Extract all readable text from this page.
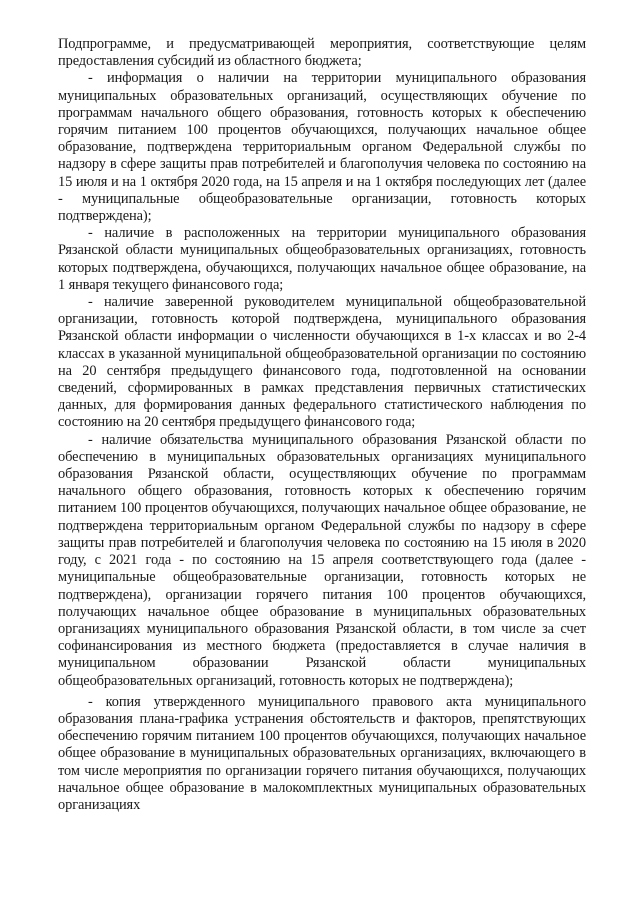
Подпрограмме, и предусматривающей мероприятия, соответствующие целям предоставления субсидий из областного бюджета;

- информация о наличии на территории муниципального образования муниципальных образовательных организаций, осуществляющих обучение по программам начального общего образования, готовность которых к обеспечению горячим питанием 100 процентов обучающихся, получающих начальное общее образование, подтверждена территориальным органом Федеральной службы по надзору в сфере защиты прав потребителей и благополучия человека по состоянию на 15 июля и на 1 октября 2020 года, на 15 апреля и на 1 октября последующих лет (далее - муниципальные общеобразовательные организации, готовность которых подтверждена);

- наличие в расположенных на территории муниципального образования Рязанской области муниципальных общеобразовательных организациях, готовность которых подтверждена, обучающихся, получающих начальное общее образование, на 1 января текущего финансового года;

- наличие заверенной руководителем муниципальной общеобразовательной организации, готовность которой подтверждена, муниципального образования Рязанской области информации о численности обучающихся в 1-х классах и во 2-4 классах в указанной муниципальной общеобразовательной организации по состоянию на 20 сентября предыдущего финансового года, подготовленной на основании сведений, сформированных в рамках представления первичных статистических данных, для формирования данных федерального статистического наблюдения по состоянию на 20 сентября предыдущего финансового года;

- наличие обязательства муниципального образования Рязанской области по обеспечению в муниципальных образовательных организациях муниципального образования Рязанской области, осуществляющих обучение по программам начального общего образования, готовность которых к обеспечению горячим питанием 100 процентов обучающихся, получающих начальное общее образование, не подтверждена территориальным органом Федеральной службы по надзору в сфере защиты прав потребителей и благополучия человека по состоянию на 15 июля в 2020 году, с 2021 года - по состоянию на 15 апреля соответствующего года (далее - муниципальные общеобразовательные организации, готовность которых не подтверждена), организации горячего питания 100 процентов обучающихся, получающих начальное общее образование в муниципальных образовательных организациях муниципального образования Рязанской области, в том числе за счет софинансирования из местного бюджета (предоставляется в случае наличия в муниципальном образовании Рязанской области муниципальных общеобразовательных организаций, готовность которых не подтверждена);

- копия утвержденного муниципального правового акта муниципального образования плана-графика устранения обстоятельств и факторов, препятствующих обеспечению горячим питанием 100 процентов обучающихся, получающих начальное общее образование в муниципальных образовательных организациях, включающего в том числе мероприятия по организации горячего питания обучающихся, получающих начальное общее образование в малокомплектных муниципальных образовательных организациях
